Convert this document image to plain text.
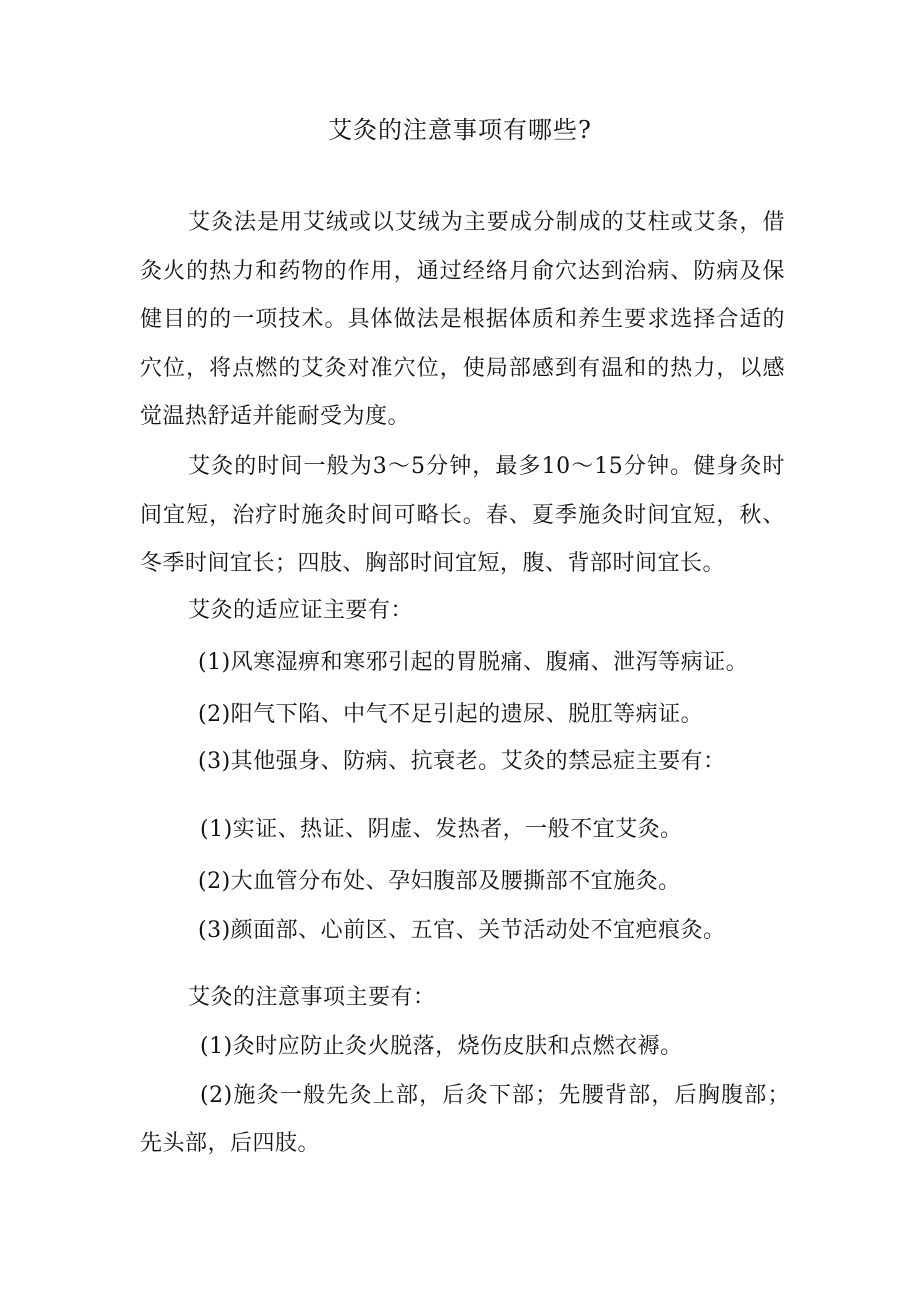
艾灸的注意事项有哪些?

艾灸法是用艾绒或以艾绒为主要成分制成的艾柱或艾条，借灸火的热力和药物的作用，通过经络月俞穴达到治病、防病及保健目的的一项技术。具体做法是根据体质和养生要求选择合适的穴位，将点燃的艾灸对准穴位，使局部感到有温和的热力，以感觉温热舒适并能耐受为度。

艾灸的时间一般为3～5分钟，最多10～15分钟。健身灸时间宜短，治疗时施灸时间可略长。春、夏季施灸时间宜短，秋、冬季时间宜长；四肢、胸部时间宜短，腹、背部时间宜长。

艾灸的适应证主要有：

(1)风寒湿痹和寒邪引起的胃脱痛、腹痛、泄泻等病证。

(2)阳气下陷、中气不足引起的遗尿、脱肛等病证。

(3)其他强身、防病、抗衰老。艾灸的禁忌症主要有：

(1)实证、热证、阴虚、发热者，一般不宜艾灸。

(2)大血管分布处、孕妇腹部及腰撕部不宜施灸。

(3)颜面部、心前区、五官、关节活动处不宜疤痕灸。

艾灸的注意事项主要有：

(1)灸时应防止灸火脱落，烧伤皮肤和点燃衣褥。

(2)施灸一般先灸上部，后灸下部；先腰背部，后胸腹部；先头部，后四肢。
